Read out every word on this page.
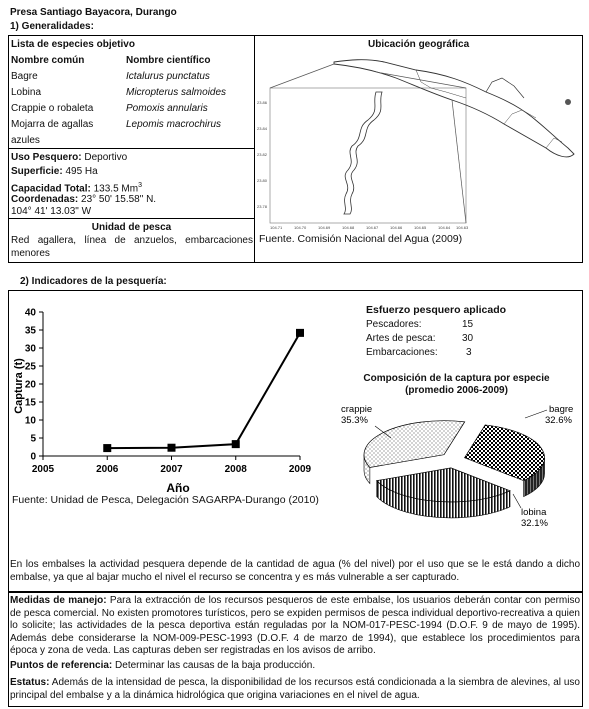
Presa Santiago Bayacora, Durango
1) Generalidades:
Lista de especies objetivo
Nombre común	Nombre científico
Bagre	Ictalurus punctatus
Lobina	Micropterus salmoides
Crappie o robaleta	Pomoxis annularis
Mojarra de agallas	Lepomis macrochirus
azules
Uso Pesquero: Deportivo
Superficie: 495 Ha
Capacidad Total: 133.5 Mm$^3$
Coordenadas: 23° 50' 15.58" N.
104° 41' 13.03" W
Unidad de pesca
Red agallera, línea de anzuelos, embarcaciones menores
Ubicación geográfica
23.86
23.84
23.82
23.80
23.78
104.71	104.70	104.69	104.68	104.67	104.66	104.65	104.64 104.63
Fuente. Comisión Nacional del Agua (2009)
2) Indicadores de la pesquería:
0
5
10
15
20
25
30
35
40
2005	2006	2007	2008	2009
Captura (t)
Año
Fuente: Unidad de Pesca, Delegación SAGARPA-Durango (2010)
Esfuerzo pesquero aplicado
Pescadores:	15
Artes de pesca:	30
Embarcaciones:	3
Composición de la captura por especie
(promedio 2006-2009)
crappie
35.3%
bagre
32.6%
lobina
32.1%
En los embalses la actividad pesquera depende de la cantidad de agua (% del nivel) por el uso que se le está dando a dicho embalse, ya que al bajar mucho el nivel el recurso se concentra y es más vulnerable a ser capturado.
Medidas de manejo: Para la extracción de los recursos pesqueros de este embalse, los usuarios deberán contar con permiso de pesca comercial. No existen promotores turísticos, pero se expiden permisos de pesca individual deportivo-recreativa a quien lo solicite; las actividades de la pesca deportiva están reguladas por la NOM-017-PESC-1994 (D.O.F. 9 de mayo de 1995). Además debe considerarse la NOM-009-PESC-1993 (D.O.F. 4 de marzo de 1994), que establece los procedimientos para época y zona de veda. Las capturas deben ser registradas en los avisos de arribo.
Puntos de referencia: Determinar las causas de la baja producción.
Estatus: Además de la intensidad de pesca, la disponibilidad de los recursos está condicionada a la siembra de alevines, al uso principal del embalse y a la dinámica hidrológica que origina variaciones en el nivel de agua.
